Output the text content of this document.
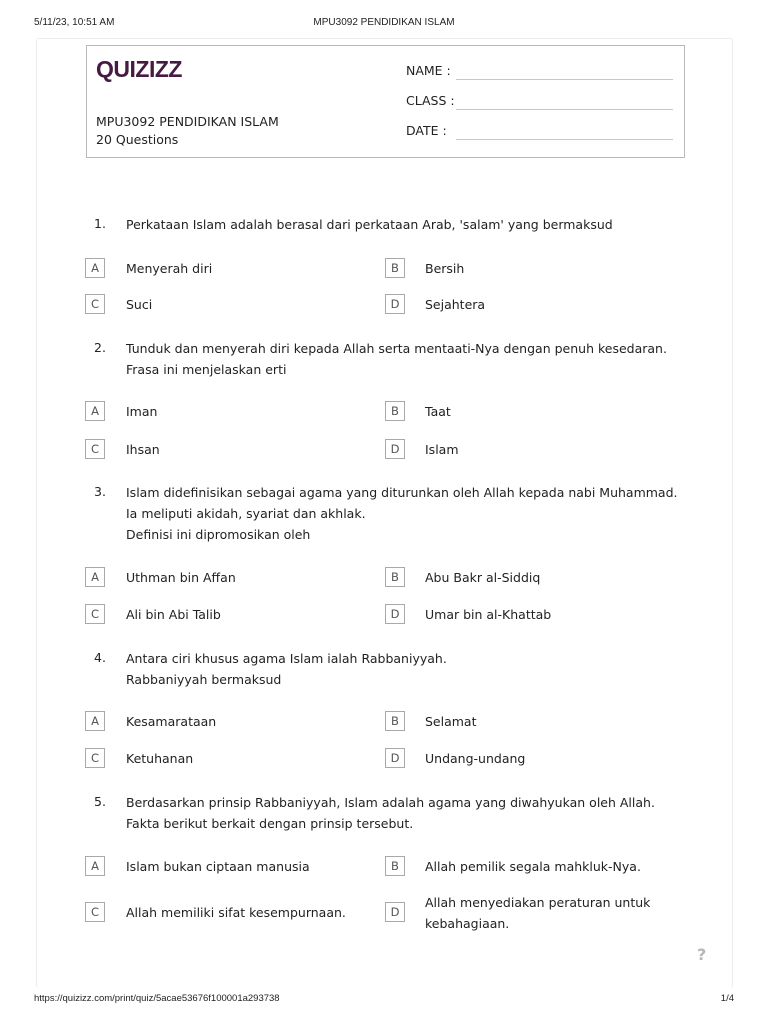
5/11/23, 10:51 AM	MPU3092 PENDIDIKAN ISLAM
QUIZIZZ
MPU3092 PENDIDIKAN ISLAM
20 Questions
NAME :
CLASS :
DATE :
1. Perkataan Islam adalah berasal dari perkataan Arab, 'salam' yang bermaksud
A	Menyerah diri	B	Bersih
C	Suci	D	Sejahtera
2. Tunduk dan menyerah diri kepada Allah serta mentaati-Nya dengan penuh kesedaran.
Frasa ini menjelaskan erti
A	Iman	B	Taat
C	Ihsan	D	Islam
3. Islam didefinisikan sebagai agama yang diturunkan oleh Allah kepada nabi Muhammad.
Ia meliputi akidah, syariat dan akhlak.
Definisi ini dipromosikan oleh
A	Uthman bin Affan	B	Abu Bakr al-Siddiq
C	Ali bin Abi Talib	D	Umar bin al-Khattab
4. Antara ciri khusus agama Islam ialah Rabbaniyyah.
Rabbaniyyah bermaksud
A	Kesamarataan	B	Selamat
C	Ketuhanan	D	Undang-undang
5. Berdasarkan prinsip Rabbaniyyah, Islam adalah agama yang diwahyukan oleh Allah.
Fakta berikut berkait dengan prinsip tersebut.
A	Islam bukan ciptaan manusia	B	Allah pemilik segala mahkluk-Nya.
C	Allah memiliki sifat kesempurnaan.	D
Allah menyediakan peraturan untuk kebahagiaan.
?
https://quizizz.com/print/quiz/5acae53676f100001a293738	1/4
